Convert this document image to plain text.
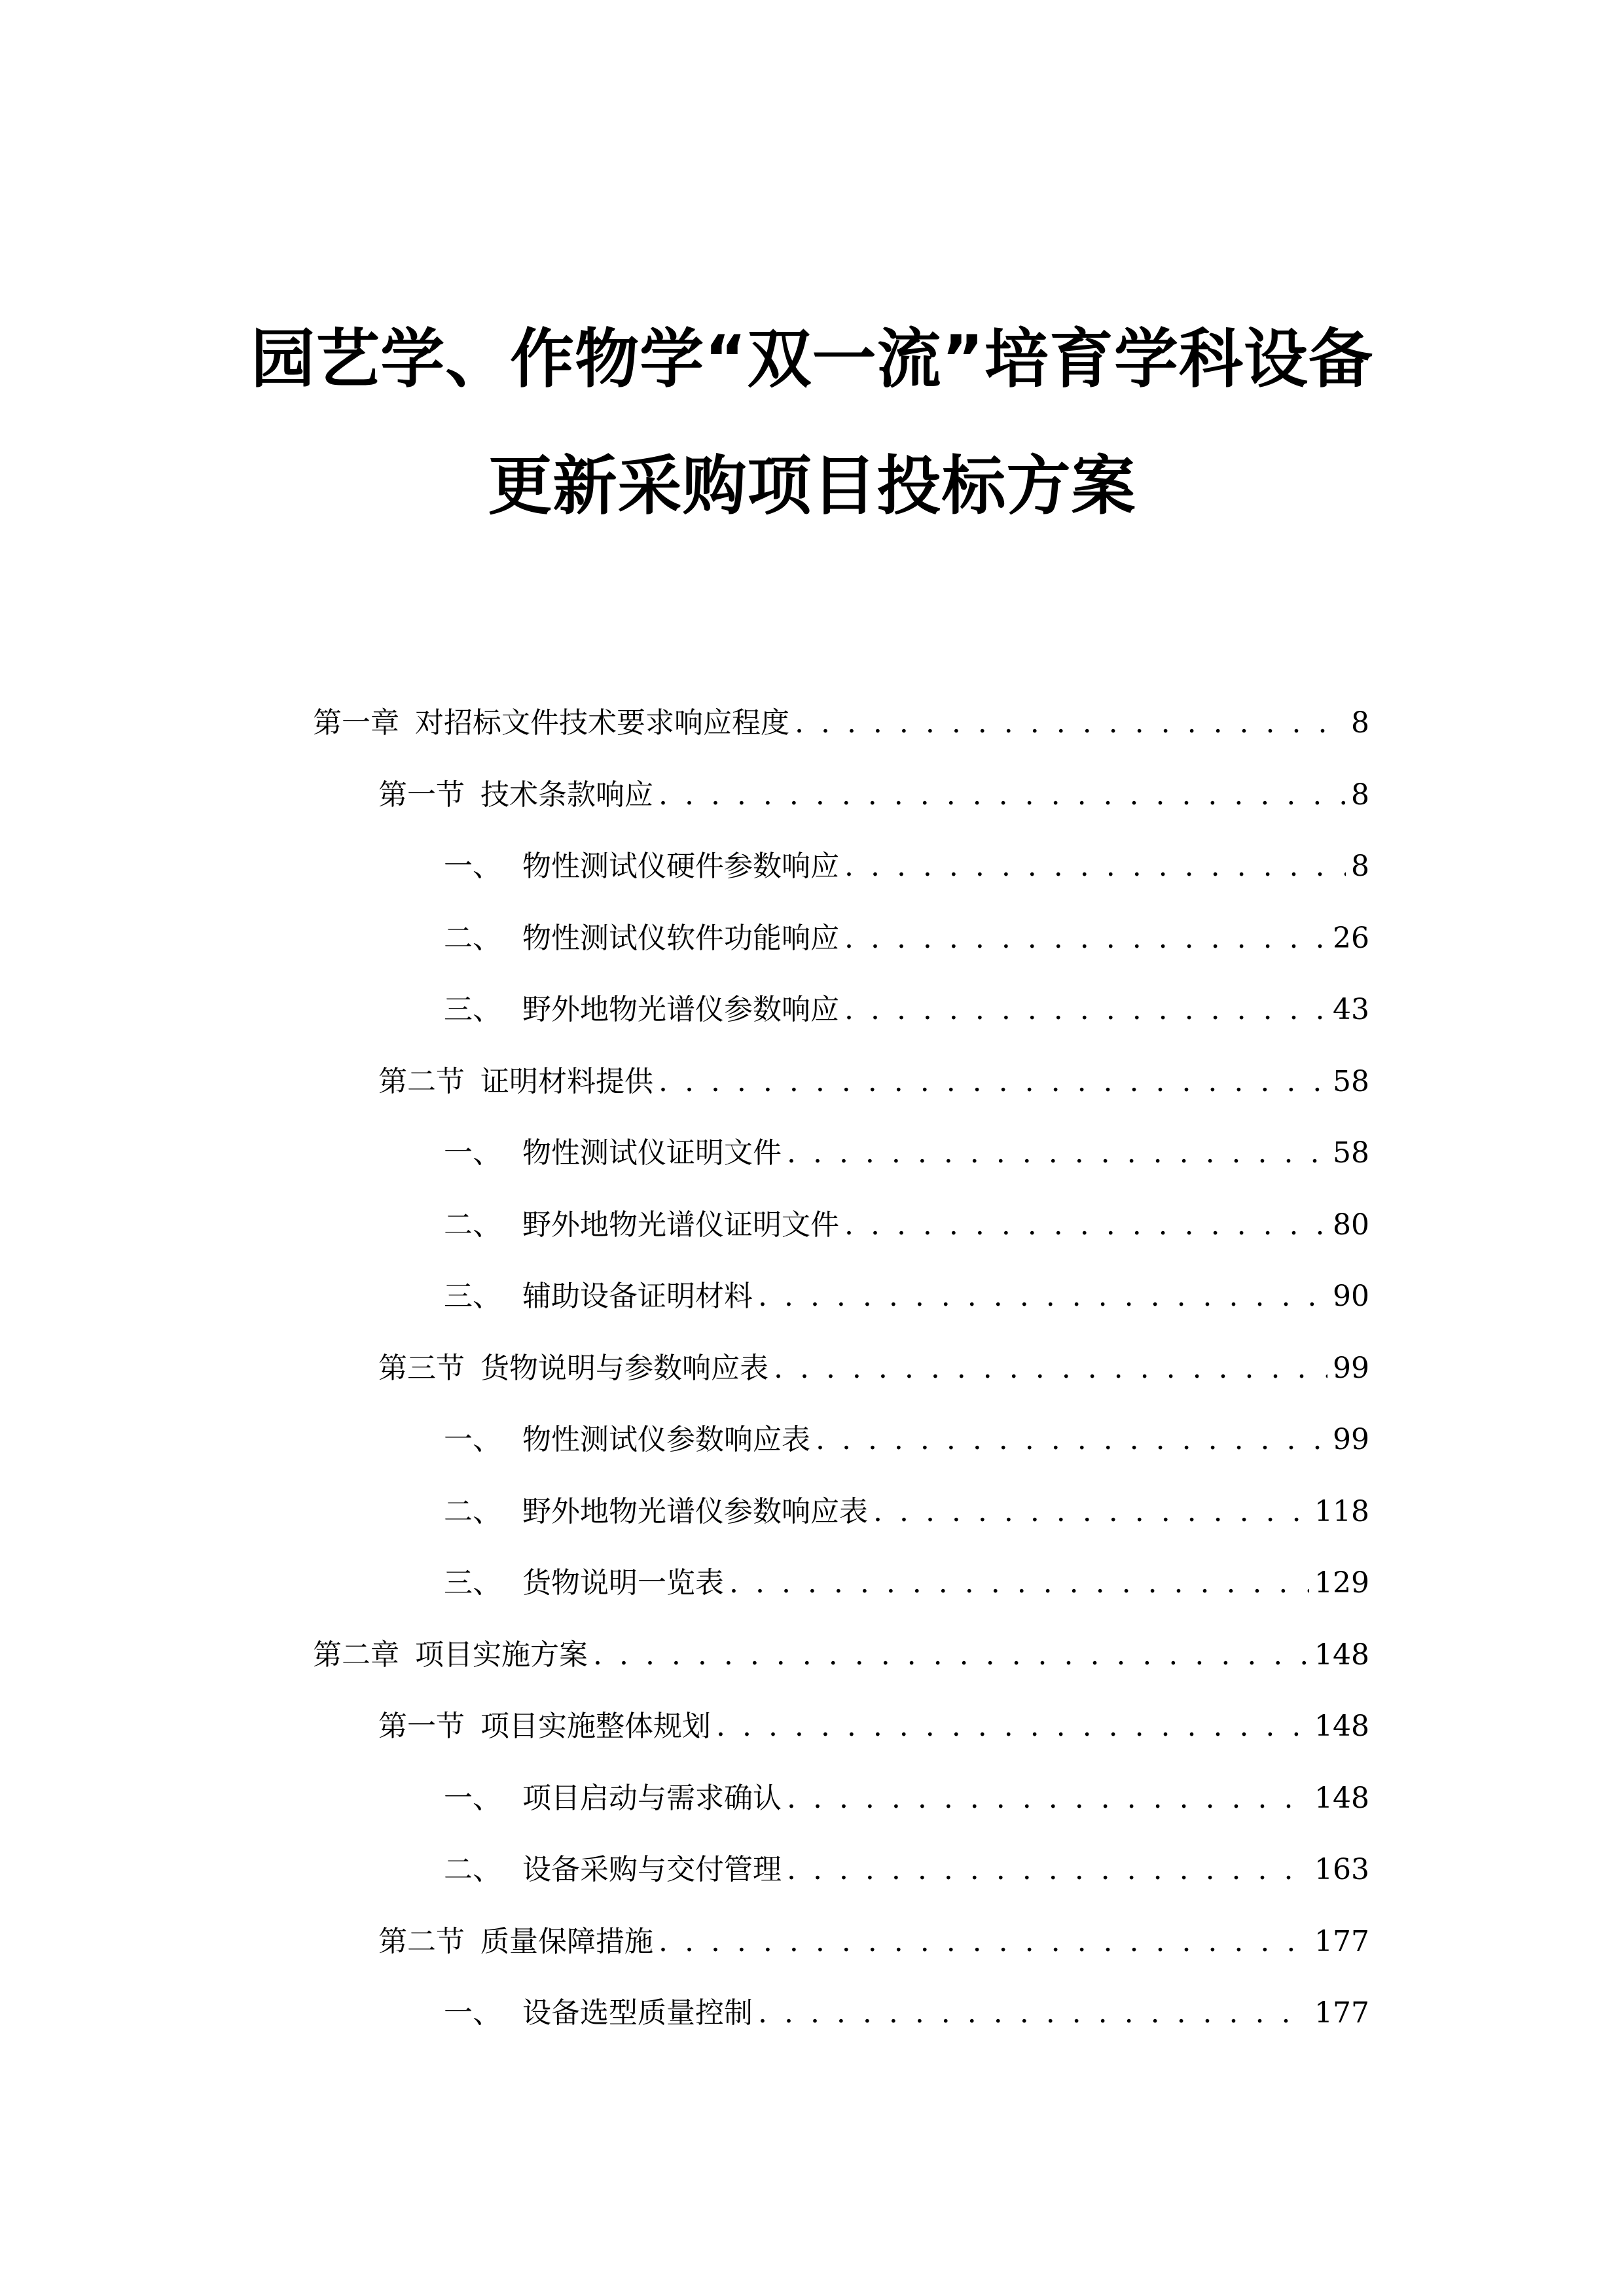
园艺学、作物学“双一流”培育学科设备
更新采购项目投标方案
第一章 对招标文件技术要求响应程度 . . .	8
第一节 技术条款响应 . . .	8
一、 物性测试仪硬件参数响应 . . .	8
二、 物性测试仪软件功能响应 . . .	26
三、 野外地物光谱仪参数响应 . . .	43
第二节 证明材料提供 . . .	58
一、 物性测试仪证明文件 . . .	58
二、 野外地物光谱仪证明文件 . . .	80
三、 辅助设备证明材料 . . .	90
第三节 货物说明与参数响应表 . . .	99
一、 物性测试仪参数响应表 . . .	99
二、 野外地物光谱仪参数响应表 . . .	118
三、 货物说明一览表 . . .	129
第二章 项目实施方案 . . .	148
第一节 项目实施整体规划 . . .	148
一、 项目启动与需求确认 . . .	148
二、 设备采购与交付管理 . . .	163
第二节 质量保障措施 . . .	177
一、 设备选型质量控制 . . .	177
